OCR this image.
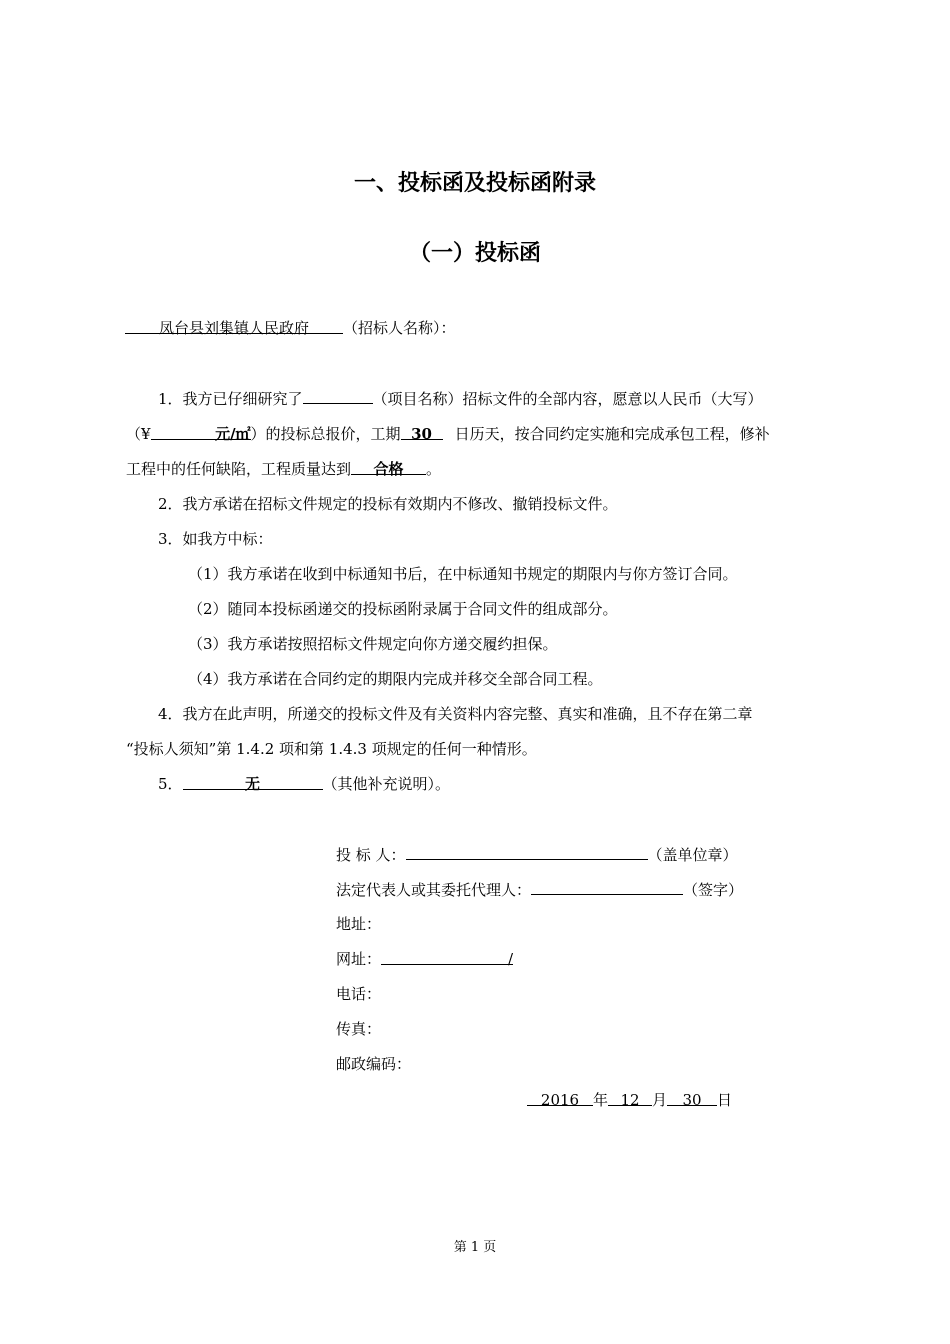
一、投标函及投标函附录
（一）投标函
凤台县刘集镇人民政府 （招标人名称）：
1．我方已仔细研究了	（项目名称）招标文件的全部内容，愿意以人民币（大写）
（¥	元/㎡）的投标总报价，工期 30 日历天，按合同约定实施和完成承包工程，修补
工程中的任何缺陷，工程质量达到 合格 。
2．我方承诺在招标文件规定的投标有效期内不修改、撤销投标文件。
3．如我方中标：
（1）我方承诺在收到中标通知书后，在中标通知书规定的期限内与你方签订合同。
（2）随同本投标函递交的投标函附录属于合同文件的组成部分。
（3）我方承诺按照招标文件规定向你方递交履约担保。
（4）我方承诺在合同约定的期限内完成并移交全部合同工程。
4．我方在此声明，所递交的投标文件及有关资料内容完整、真实和准确，且不存在第二章
“投标人须知”第 1.4.2 项和第 1.4.3 项规定的任何一种情形。
5．	无	（其他补充说明）。
投 标 人：	（盖单位章）
法定代表人或其委托代理人：	（签字）
地址：
网址：	/
电话：
传真：
邮政编码：
2016 年 12 月 30 日
第 1 页
